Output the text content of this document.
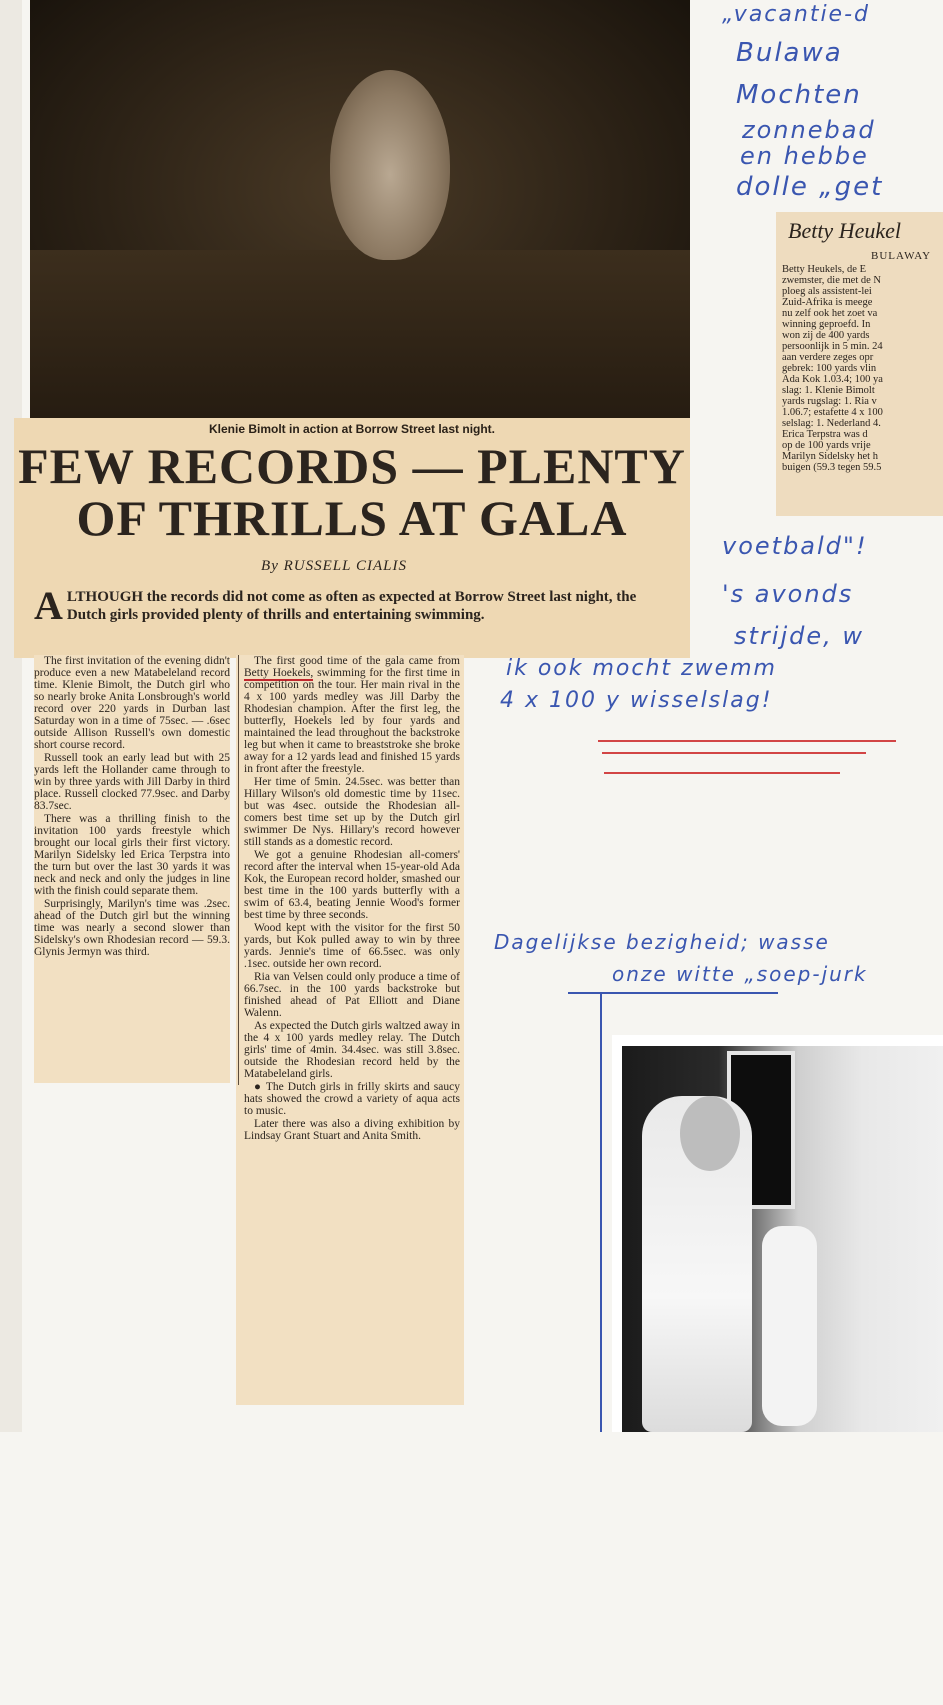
Klenie Bimolt in action at Borrow Street last night.
FEW RECORDS — PLENTY
OF THRILLS AT GALA
By RUSSELL CIALIS
A LTHOUGH the records did not come as often as expected at Borrow Street last night, the Dutch girls provided plenty of thrills and entertaining swimming.

The first invitation of the evening didn't produce even a new Matabeleland record time. Klenie Bimolt, the Dutch girl who so nearly broke Anita Lonsbrough's world record over 220 yards in Durban last Saturday won in a time of 75sec. — .6sec outside Allison Russell's own domestic short course record.

Russell took an early lead but with 25 yards left the Hollander came through to win by three yards with Jill Darby in third place. Russell clocked 77.9sec. and Darby 83.7sec.

There was a thrilling finish to the invitation 100 yards freestyle which brought our local girls their first victory. Marilyn Sidelsky led Erica Terpstra into the turn but over the last 30 yards it was neck and neck and only the judges in line with the finish could separate them.

Surprisingly, Marilyn's time was .2sec. ahead of the Dutch girl but the winning time was nearly a second slower than Sidelsky's own Rhodesian record — 59.3. Glynis Jermyn was third.

The first good time of the gala came from Betty Hoekels, swimming for the first time in competition on the tour. Her main rival in the 4 x 100 yards medley was Jill Darby the Rhodesian champion. After the first leg, the butterfly, Hoekels led by four yards and maintained the lead throughout the backstroke leg but when it came to breaststroke she broke away for a 12 yards lead and finished 15 yards in front after the freestyle.

Her time of 5min. 24.5sec. was better than Hillary Wilson's old domestic time by 11sec. but was 4sec. outside the Rhodesian all-comers best time set up by the Dutch girl swimmer De Nys. Hillary's record however still stands as a domestic record.

We got a genuine Rhodesian all-comers' record after the interval when 15-year-old Ada Kok, the European record holder, smashed our best time in the 100 yards butterfly with a swim of 63.4, beating Jennie Wood's former best time by three seconds.

Wood kept with the visitor for the first 50 yards, but Kok pulled away to win by three yards. Jennie's time of 66.5sec. was only .1sec. outside her own record.

Ria van Velsen could only produce a time of 66.7sec. in the 100 yards backstroke but finished ahead of Pat Elliott and Diane Walenn.

As expected the Dutch girls waltzed away in the 4 x 100 yards medley relay. The Dutch girls' time of 4min. 34.4sec. was still 3.8sec. outside the Rhodesian record held by the Matabeleland girls.

● The Dutch girls in frilly skirts and saucy hats showed the crowd a variety of aqua acts to music.

Later there was also a diving exhibition by Lindsay Grant Stuart and Anita Smith.

„vacantie-d
Bulawa
Mochten
zonnebad
en hebbe
dolle „get
Betty Heukel
BULAWAY

Betty Heukels, de E

zwemster, die met de N

ploeg als assistent-lei

Zuid-Afrika is meege

nu zelf ook het zoet va

winning geproefd. In

won zij de 400 yards

persoonlijk in 5 min. 24

aan verdere zeges opr

gebrek: 100 yards vlin

Ada Kok 1.03.4; 100 ya

slag: 1. Klenie Bimolt

yards rugslag: 1. Ria v

1.06.7; estafette 4 x 100

selslag: 1. Nederland 4.

Erica Terpstra was d

op de 100 yards vrije

Marilyn Sidelsky het h

buigen (59.3 tegen 59.5

voetbald"!
's avonds
strijde, w
ik ook mocht zwemm
4 x 100 y wisselslag!
Dagelijkse bezigheid; wasse
onze witte „soep-jurk
